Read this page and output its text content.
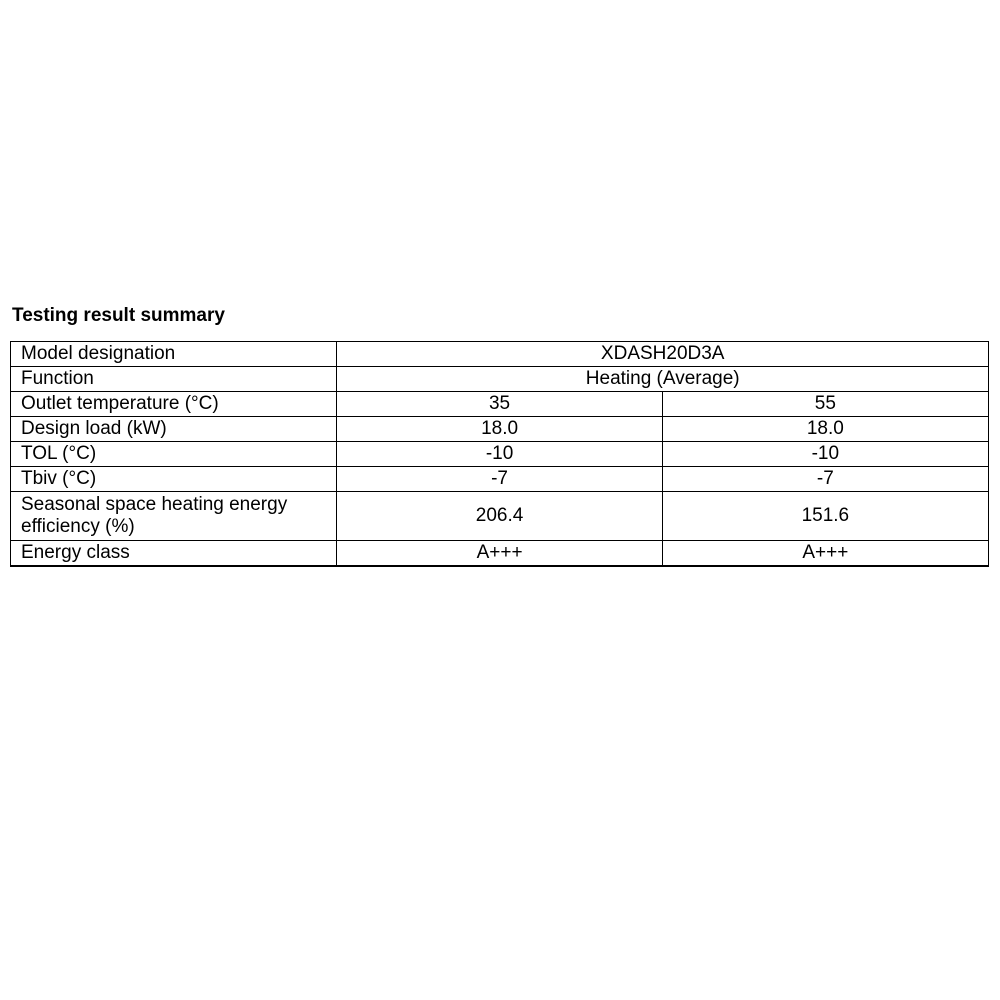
Testing result summary
Model designation	XDASH20D3A	
Function	Heating (Average)	
Outlet temperature (°C)	35	55
Design load (kW)	18.0	18.0
TOL (°C)	-10	-10
Tbiv (°C)	-7	-7
Seasonal space heating energy efficiency (%)	206.4	151.6
Energy class	A+++	A+++
